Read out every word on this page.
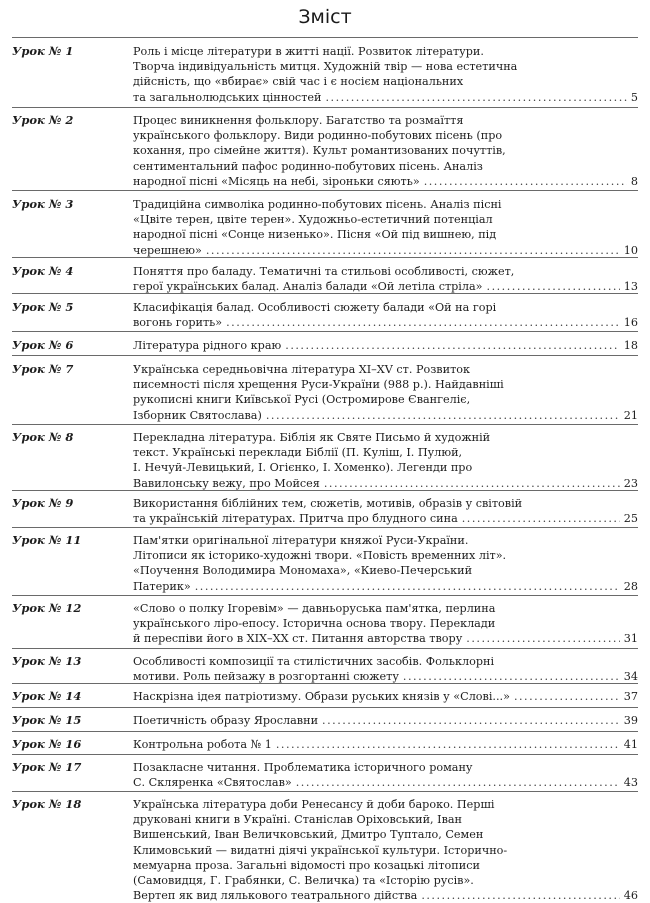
Зміст
Урок № 1	Роль і місце літератури в житті нації. Розвиток літератури.
Творча індивідуальність митця. Художній твір — нова естетична
дійсність, що «вбирає» свій час і є носієм національних
та загальнолюдських цінностей .....	5
Урок № 2	Процес виникнення фольклору. Багатство та розмаїття
українського фольклору. Види родинно-побутових пісень (про
кохання, про сімейне життя). Культ романтизованих почуттів,
сентиментальний пафос родинно-побутових пісень. Аналіз
народної пісні «Місяць на небі, зіроньки сяють» .....	8
Урок № 3	Традиційна символіка родинно-побутових пісень. Аналіз пісні
«Цвіте терен, цвіте терен». Художньо-естетичний потенціал
народної пісні «Сонце низенько». Пісня «Ой під вишнею, під
черешнею» .....	10
Урок № 4	Поняття про баладу. Тематичні та стильові особливості, сюжет,
герої українських балад. Аналіз балади «Ой летіла стріла» .....	13
Урок № 5	Класифікація балад. Особливості сюжету балади «Ой на горі
вогонь горить» .....	16
Урок № 6	Література рідного краю .....	18
Урок № 7	Українська середньовічна література XI–XV ст. Розвиток
писемності після хрещення Руси-України (988 р.). Найдавніші
рукописні книги Київської Русі (Остромирове Євангеліє,
Ізборник Святослава) .....	21
Урок № 8	Перекладна література. Біблія як Святе Письмо й художній
текст. Українські переклади Біблії (П. Куліш, І. Пулюй,
І. Нечуй-Левицький, І. Огієнко, І. Хоменко). Легенди про
Вавилонську вежу, про Мойсея .....	23
Урок № 9	Використання біблійних тем, сюжетів, мотивів, образів у світовій
та українській літературах. Притча про блудного сина .....	25
Урок № 11	Пам'ятки оригінальної літератури княжої Руси-України.
Літописи як історико-художні твори. «Повість временних літ».
«Поучення Володимира Мономаха», «Киево-Печерський
Патерик» .....	28
Урок № 12	«Слово о полку Ігоревім» — давньоруська пам'ятка, перлина
українського ліро-епосу. Історична основа твору. Переклади
й переспіви його в XIX–XX ст. Питання авторства твору .....	31
Урок № 13	Особливості композиції та стилістичних засобів. Фольклорні
мотиви. Роль пейзажу в розгортанні сюжету .....	34
Урок № 14	Наскрізна ідея патріотизму. Образи руських князів у «Слові...» .....	37
Урок № 15	Поетичність образу Ярославни .....	39
Урок № 16	Контрольна робота № 1 .....	41
Урок № 17	Позакласне читання. Проблематика історичного роману
С. Скляренка «Святослав» .....	43
Урок № 18	Українська література доби Ренесансу й доби бароко. Перші
друковані книги в Україні. Станіслав Оріховський, Іван
Вишенський, Іван Величковський, Дмитро Туптало, Семен
Климовський — видатні діячі української культури. Історично-
мемуарна проза. Загальні відомості про козацькі літописи
(Самовидця, Г. Грабянки, С. Величка) та «Історію русів».
Вертеп як вид лялькового театрального дійства .....	46
